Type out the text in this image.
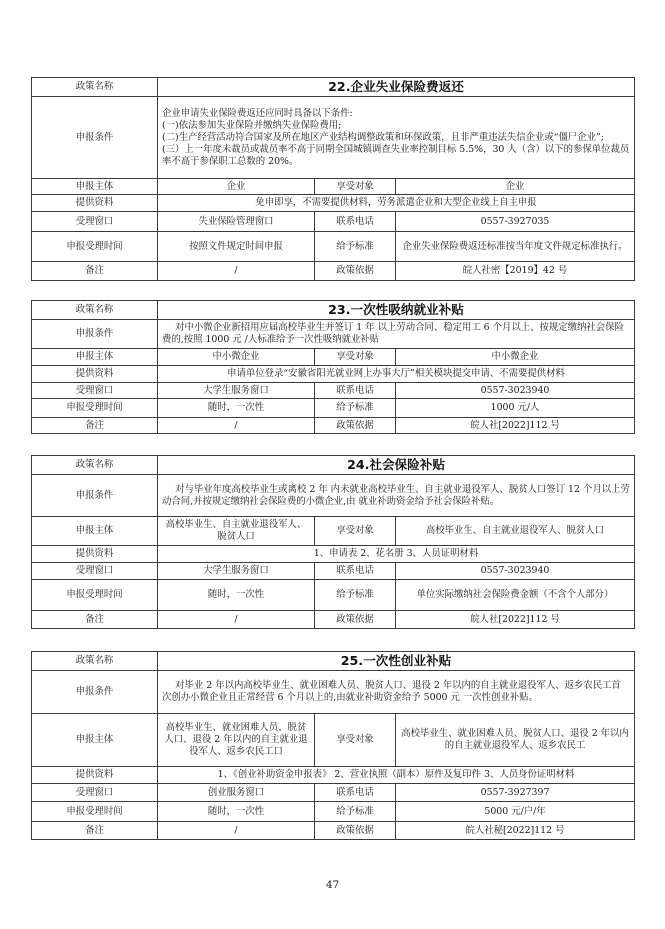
政策名称	22.企业失业保险费返还		
申报条件	企业申请失业保险费返还应同时具备以下条件:
(一)依法参加失业保险并缴纳失业保险费用;
(二)生产经营活动符合国家及所在地区产业结构调整政策和环保政策，且非严重违法失信企业或“僵尸企业”;
(三）上一年度未裁员或裁员率不高于同期全国城镇调查失业率控制目标 5.5%，30 人（含）以下的参保单位裁员率不高于参保职工总数的 20%。		

申报主体	企业	享受对象	企业
提供资料	免申即享，不需要提供材料，劳务派遣企业和大型企业线上自主申报		
受理窗口	失业保险管理窗口	联系电话	0557-3927035
申报受理时间	按照文件规定时间申报	给予标准	企业失业保险费返还标准按当年度文件规定标准执行。
备注	/	政策依据	皖人社密【2019】42 号
政策名称	23.一次性吸纳就业补贴		
申报条件	对中小微企业新招用应届高校毕业生并签订 1 年 以上劳动合同、稳定用工 6 个月以上、按规定缴纳社会保险费的,按照 1000 元 /人标准给予一次性吸纳就业补贴		
申报主体	中小微企业	享受对象	中小微企业
提供资料	申请单位登录“安徽省阳光就业网上办事大厅”相关模块提交申请、不需要提供材料		
受理窗口	大学生服务窗口	联系电话	0557-3023940
申报受理时间	随时，一次性	给予标准	1000 元/人
备注	/	政策依据	皖人社[2022]112 号
政策名称	24.社会保险补贴		
申报条件	对与毕业年度高校毕业生或离校 2 年 内未就业高校毕业生、自主就业退役军人、脱贫人口签订 12 个月以上劳动合同,并按规定缴纳社会保险费的小微企业,由 就业补助资金给予社会保险补贴。		
申报主体	高校毕业生、自主就业退役军人、脱贫人口	享受对象	高校毕业生、自主就业退役军人、脱贫人口
提供资料	1、申请表 2、花名册 3、人员证明材料		
受理窗口	大学生服务窗口	联系电话	0557-3023940
申报受理时间	随时，一次性	给予标准	单位实际缴纳社会保险费金额（不含个人部分）
备注	/	政策依据	皖人社[2022]112 号
政策名称	25.一次性创业补贴		
申报条件	对毕业 2 年以内高校毕业生、就业困难人员、脱贫人口、退役 2 年以内的自主就业退役军人、返乡农民工首次创办小微企业且正常经营 6 个月以上的,由就业补助资金给予 5000 元 一次性创业补贴。		
申报主体	高校毕业生、就业困难人员、脱贫人口、退役 2 年以内的自主就业退役军人、返乡农民工口	享受对象	高校毕业生、就业困难人员、脱贫人口、退役 2 年以内的自主就业退役军人、返乡农民工
提供资料	1、《创业补助资金申报表》 2、营业执照（副本）原件及复印件 3、人员身份证明材料		
受理窗口	创业服务窗口	联系电话	0557-3927397
申报受理时间	随时，一次性	给予标准	5000 元/户/年
备注	/	政策依据	皖人社秘[2022]112 号
47
